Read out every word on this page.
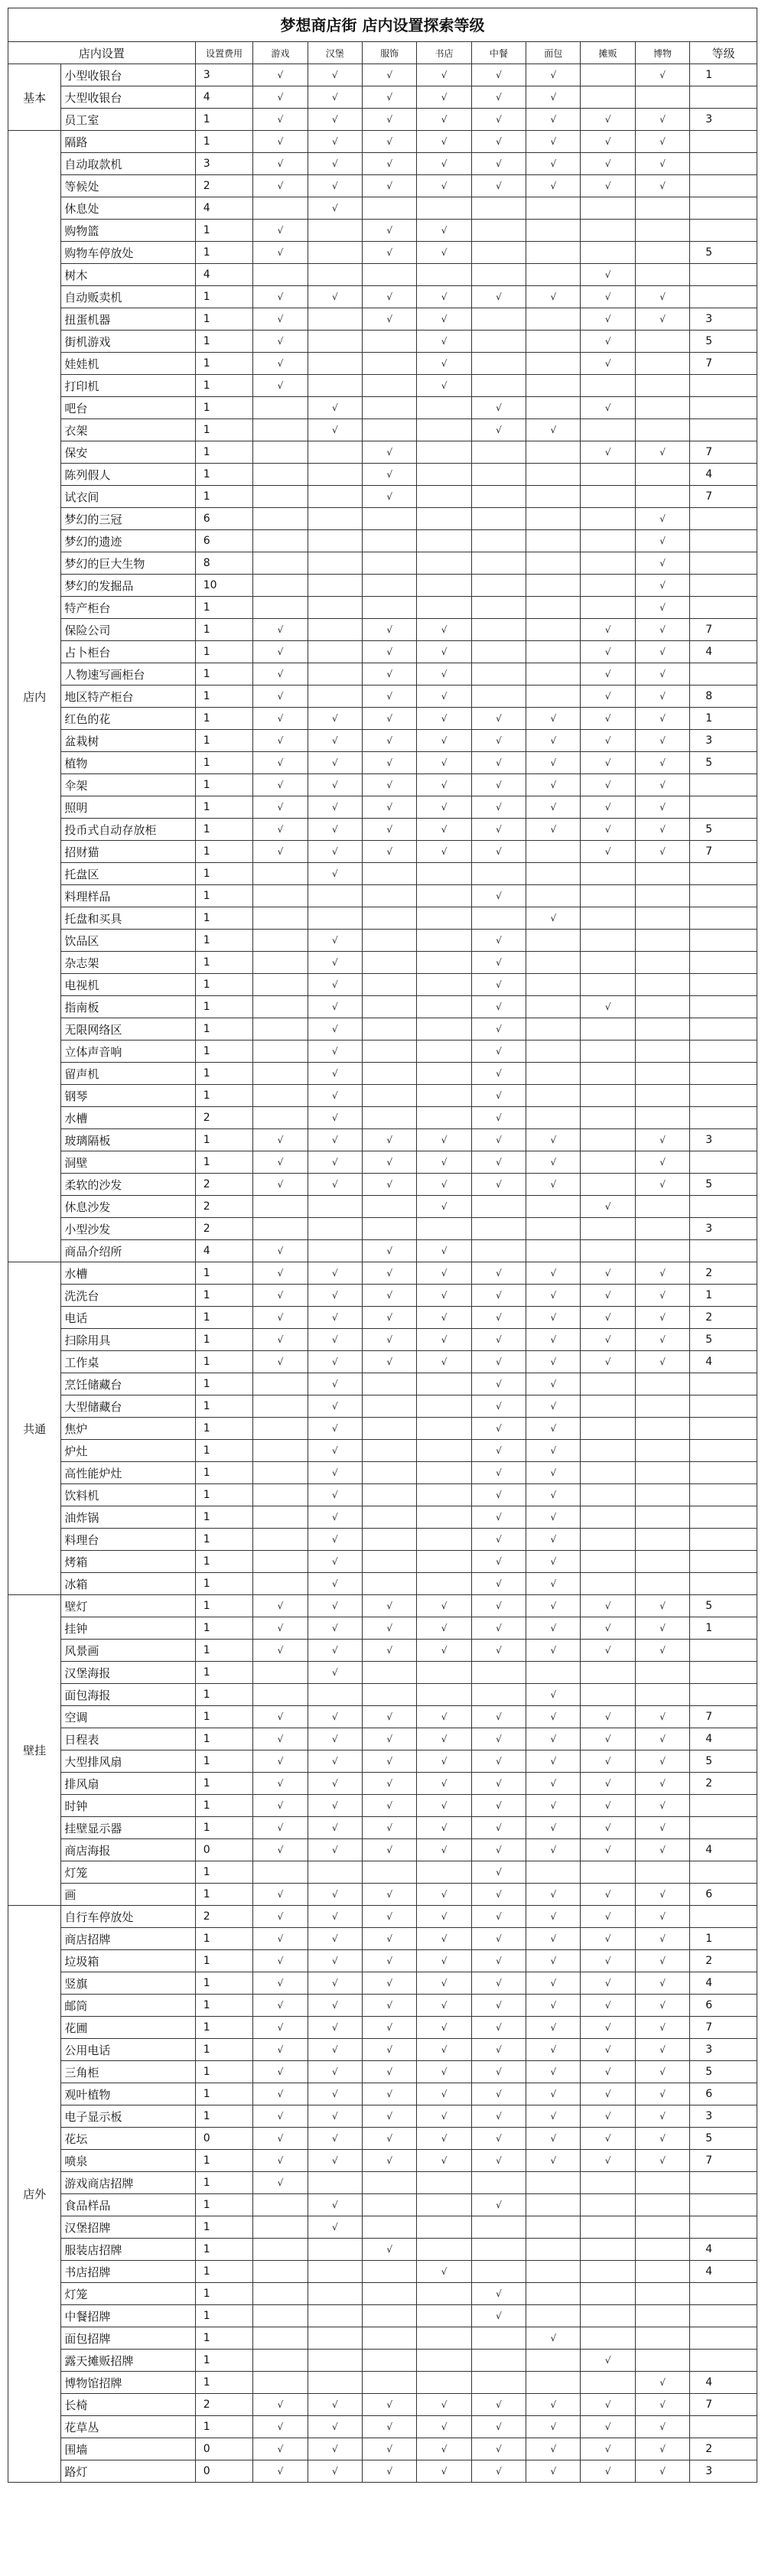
梦想商店街 店内设置探索等级
店内设置		设置费用	游戏	汉堡	服饰	书店	中餐	面包	摊贩	博物	等级
基本	小型收银台	3	√	√	√	√	√	√		√	1
	大型收银台	4	√	√	√	√	√	√			
	员工室	1	√	√	√	√	√	√	√	√	3
店内	隔路	1	√	√	√	√	√	√	√	√	
	自动取款机	3	√	√	√	√	√	√	√	√	
	等候处	2	√	√	√	√	√	√	√	√	
	休息处	4		√							
	购物篮	1	√		√	√					
	购物车停放处	1	√		√	√					5
	树木	4							√		
	自动贩卖机	1	√	√	√	√	√	√	√	√	
	扭蛋机器	1	√		√	√			√	√	3
	街机游戏	1	√			√			√		5
	娃娃机	1	√			√			√		7
	打印机	1	√			√					
	吧台	1		√			√		√		
	衣架	1		√			√	√			
	保安	1			√				√	√	7
	陈列假人	1			√						4
	试衣间	1			√						7
	梦幻的三冠	6								√	
	梦幻的遗迹	6								√	
	梦幻的巨大生物	8								√	
	梦幻的发掘品	10								√	
	特产柜台	1								√	
	保险公司	1	√		√	√			√	√	7
	占卜柜台	1	√		√	√			√	√	4
	人物速写画柜台	1	√		√	√			√	√	
	地区特产柜台	1	√		√	√			√	√	8
	红色的花	1	√	√	√	√	√	√	√	√	1
	盆栽树	1	√	√	√	√	√	√	√	√	3
	植物	1	√	√	√	√	√	√	√	√	5
	伞架	1	√	√	√	√	√	√	√	√	
	照明	1	√	√	√	√	√	√	√	√	
	投币式自动存放柜	1	√	√	√	√	√	√	√	√	5
	招财猫	1	√	√	√	√	√		√	√	7
	托盘区	1		√							
	料理样品	1					√				
	托盘和买具	1						√			
	饮品区	1		√			√				
	杂志架	1		√			√				
	电视机	1		√			√				
	指南板	1		√			√		√		
	无限网络区	1		√			√				
	立体声音响	1		√			√				
	留声机	1		√			√				
	钢琴	1		√			√				
	水槽	2		√			√				
	玻璃隔板	1	√	√	√	√	√	√		√	3
	洞壁	1	√	√	√	√	√	√		√	
	柔软的沙发	2	√	√	√	√	√	√		√	5
	休息沙发	2				√			√		
	小型沙发	2									3
	商品介绍所	4	√		√	√					
共通	水槽	1	√	√	√	√	√	√	√	√	2
	洗洗台	1	√	√	√	√	√	√	√	√	1
	电话	1	√	√	√	√	√	√	√	√	2
	扫除用具	1	√	√	√	√	√	√	√	√	5
	工作桌	1	√	√	√	√	√	√	√	√	4
	烹饪储藏台	1		√			√	√			
	大型储藏台	1		√			√	√			
	焦炉	1		√			√	√			
	炉灶	1		√			√	√			
	高性能炉灶	1		√			√	√			
	饮料机	1		√			√	√			
	油炸锅	1		√			√	√			
	料理台	1		√			√	√			
	烤箱	1		√			√	√			
	冰箱	1		√			√	√			
壁挂	壁灯	1	√	√	√	√	√	√	√	√	5
	挂钟	1	√	√	√	√	√	√	√	√	1
	风景画	1	√	√	√	√	√	√	√	√	
	汉堡海报	1		√							
	面包海报	1						√			
	空调	1	√	√	√	√	√	√	√	√	7
	日程表	1	√	√	√	√	√	√	√	√	4
	大型排风扇	1	√	√	√	√	√	√	√	√	5
	排风扇	1	√	√	√	√	√	√	√	√	2
	时钟	1	√	√	√	√	√	√	√	√	
	挂壁显示器	1	√	√	√	√	√	√	√	√	
	商店海报	0	√	√	√	√	√	√	√	√	4
	灯笼	1					√				
	画	1	√	√	√	√	√	√	√	√	6
店外	自行车停放处	2	√	√	√	√	√	√	√	√	
	商店招牌	1	√	√	√	√	√	√	√	√	1
	垃圾箱	1	√	√	√	√	√	√	√	√	2
	竖旗	1	√	√	√	√	√	√	√	√	4
	邮筒	1	√	√	√	√	√	√	√	√	6
	花圃	1	√	√	√	√	√	√	√	√	7
	公用电话	1	√	√	√	√	√	√	√	√	3
	三角柜	1	√	√	√	√	√	√	√	√	5
	观叶植物	1	√	√	√	√	√	√	√	√	6
	电子显示板	1	√	√	√	√	√	√	√	√	3
	花坛	0	√	√	√	√	√	√	√	√	5
	喷泉	1	√	√	√	√	√	√	√	√	7
	游戏商店招牌	1	√								
	食品样品	1		√			√				
	汉堡招牌	1		√							
	服装店招牌	1			√						4
	书店招牌	1				√					4
	灯笼	1					√				
	中餐招牌	1					√				
	面包招牌	1						√			
	露天摊贩招牌	1							√		
	博物馆招牌	1								√	4
	长椅	2	√	√	√	√	√	√	√	√	7
	花草丛	1	√	√	√	√	√	√	√	√	
	围墙	0	√	√	√	√	√	√	√	√	2
	路灯	0	√	√	√	√	√	√	√	√	3
